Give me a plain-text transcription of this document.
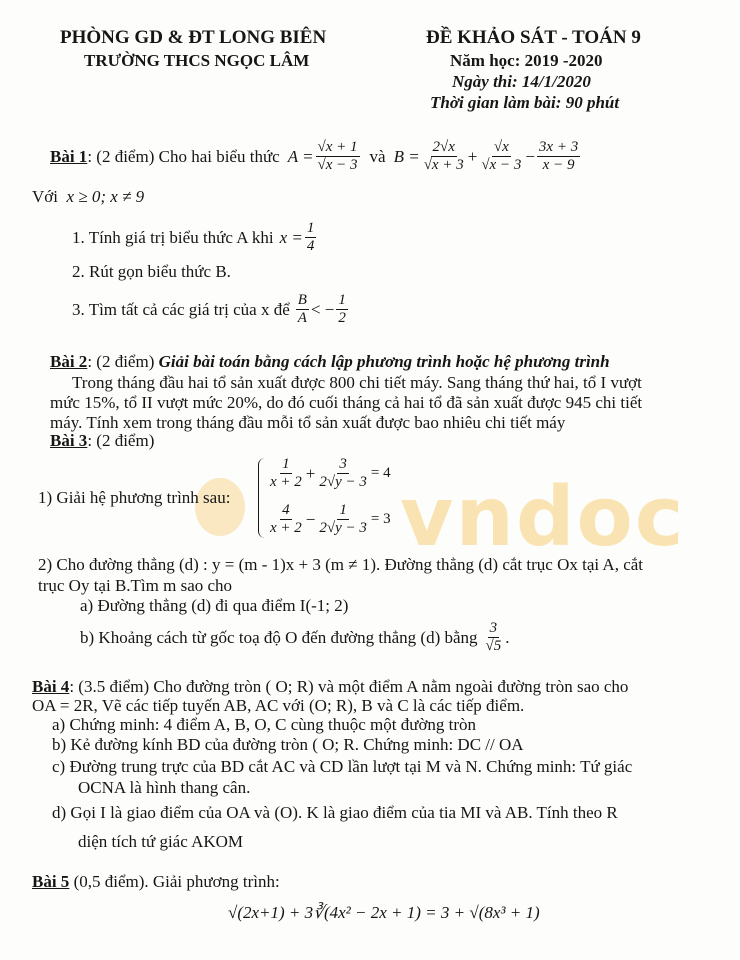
vndoc
PHÒNG GD & ĐT LONG BIÊN
TRƯỜNG THCS NGỌC LÂM
ĐỀ KHẢO SÁT - TOÁN 9
Năm học: 2019 -2020
Ngày thi: 14/1/2020
Thời gian làm bài: 90 phút
Bài 1 : (2 điểm) Cho hai biểu thức $A = \frac{√x + 1}{√x - 3}$ và $B = \frac{2√x}{√x + 3} + \frac{√x}{√x - 3} - \frac{3x + 3}{x - 9}$
Với x ≥ 0; x ≠ 9
1. Tính giá trị biểu thức A khi $x = \frac{1}{4}$
2. Rút gọn biểu thức B.
3. Tìm tất cả các giá trị của x để $\frac{B}{A}$ < − $\frac{1}{2}$
Bài 2: (2 điểm) Giải bài toán bằng cách lập phương trình hoặc hệ phương trình
Trong tháng đầu hai tổ sản xuất được 800 chi tiết máy. Sang tháng thứ hai, tổ I vượt
mức 15%, tổ II vượt mức 20%, do đó cuối tháng cả hai tổ đã sản xuất được 945 chi tiết
máy. Tính xem trong tháng đầu mỗi tổ sản xuất được bao nhiêu chi tiết máy
Bài 3: (2 điểm)
1) Giải hệ phương trình sau:
$\frac{1}{x + 2} + \frac{3}{2√y - 3} = 4$
$\frac{4}{x + 2} - \frac{1}{2√y - 3} = 3$
2) Cho đường thẳng (d) : y = (m - 1)x + 3 (m ≠ 1). Đường thẳng (d) cắt trục Ox tại A, cắt
trục Oy tại B.Tìm m sao cho
a) Đường thẳng (d) đi qua điểm I(-1; 2)
b) Khoảng cách từ gốc toạ độ O đến đường thẳng (d) bằng $\frac{3}{√5}$ .
Bài 4: (3.5 điểm) Cho đường tròn ( O; R) và một điểm A nằm ngoài đường tròn sao cho
OA = 2R, Vẽ các tiếp tuyến AB, AC với (O; R), B và C là các tiếp điểm.
a) Chứng minh: 4 điểm A, B, O, C cùng thuộc một đường tròn
b) Kẻ đường kính BD của đường tròn ( O; R. Chứng minh: DC // OA
c) Đường trung trực của BD cắt AC và CD lần lượt tại M và N. Chứng minh: Tứ giác
OCNA là hình thang cân.
d) Gọi I là giao điểm của OA và (O). K là giao điểm của tia MI và AB. Tính theo R
diện tích tứ giác AKOM
Bài 5 (0,5 điểm). Giải phương trình:
√(2x+1) + 3∛(4x² − 2x + 1) = 3 + √(8x³ + 1)
